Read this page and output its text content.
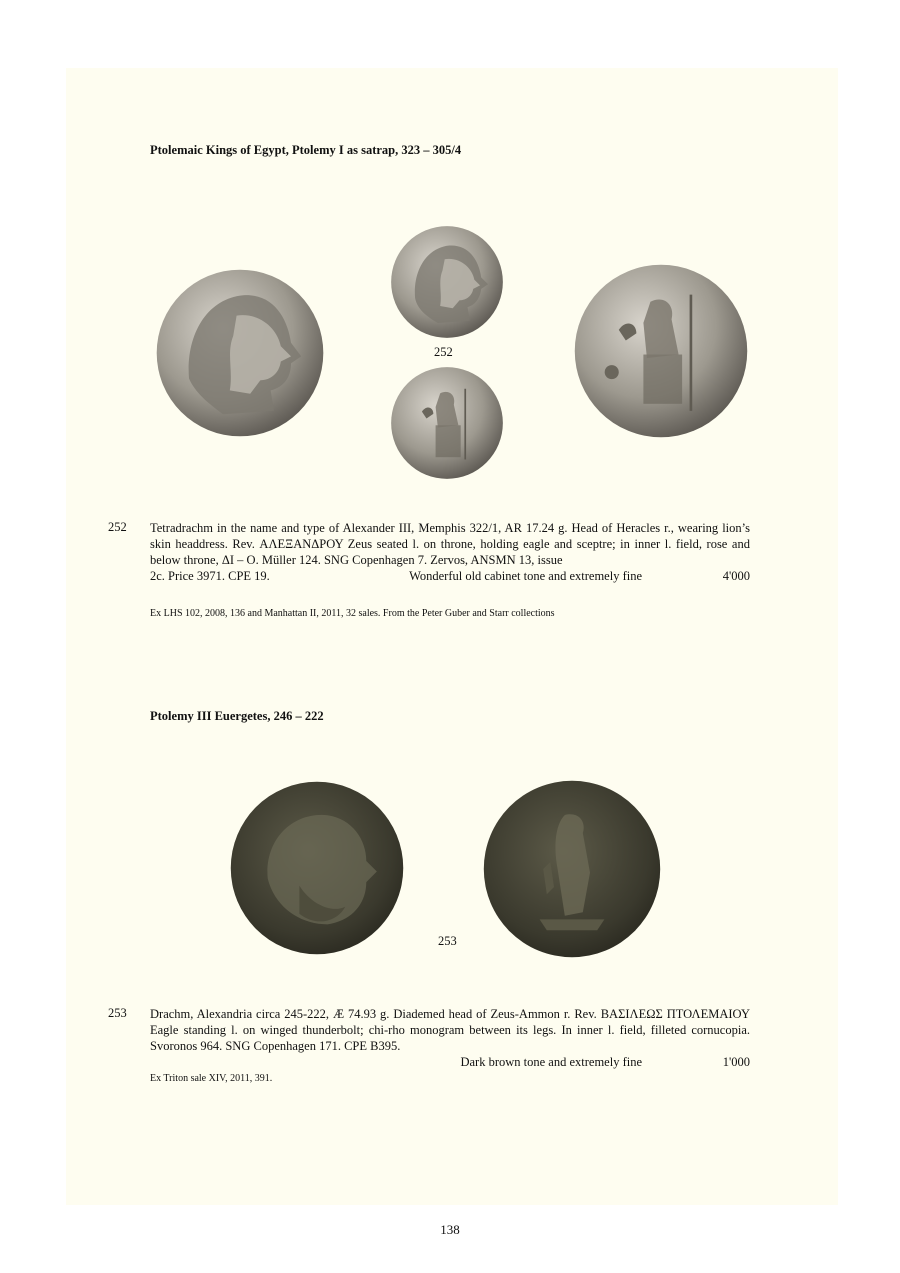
Ptolemaic Kings of Egypt, Ptolemy I as satrap, 323 – 305/4
252
252 Tetradrachm in the name and type of Alexander III, Memphis 322/1, AR 17.24 g. Head of Heracles r., wearing lion’s skin headdress. Rev. ΑΛΕΞΑΝΔΡΟΥ Zeus seated l. on throne, holding eagle and sceptre; in inner l. field, rose and below throne, ΔΙ – Ο. Müller 124. SNG Copenhagen 7. Zervos, ANSMN 13, issue
2c. Price 3971. CPE 19.	Wonderful old cabinet tone and extremely fine	4'000
Ex LHS 102, 2008, 136 and Manhattan II, 2011, 32 sales. From the Peter Guber and Starr collections
Ptolemy III Euergetes, 246 – 222
253
253 Drachm, Alexandria circa 245-222, Æ 74.93 g. Diademed head of Zeus-Ammon r. Rev. ΒΑΣΙΛΕΩΣ ΠΤΟΛΕΜΑΙΟΥ Eagle standing l. on winged thunderbolt; chi-rho monogram between its legs. In inner l. field, filleted cornucopia. Svoronos 964. SNG Copenhagen 171. CPE B395.
Dark brown tone and extremely fine	1'000
Ex Triton sale XIV, 2011, 391.
138
